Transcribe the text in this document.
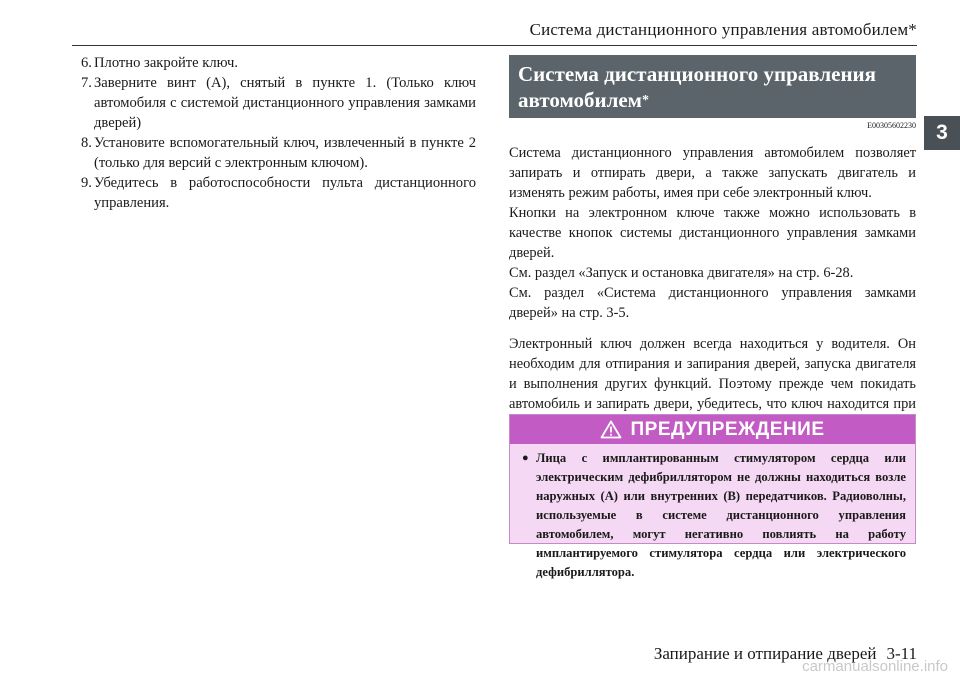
Система дистанционного управления автомобилем*
3
6. Плотно закройте ключ.
7. Заверните винт (A), снятый в пункте 1. (Только ключ автомобиля с системой дистанционного управления замками дверей)
8. Установите вспомогательный ключ, извлеченный в пункте 2 (только для версий с электронным ключом).
9. Убедитесь в работоспособности пульта дистанционного управления.
Система дистанционного управления автомобилем*
E00305602230

Система дистанционного управления автомобилем позволяет запирать и отпирать двери, а также запускать двигатель и изменять режим работы, имея при себе электронный ключ.

Кнопки на электронном ключе также можно использовать в качестве кнопок системы дистанционного управления замками дверей.

См. раздел «Запуск и остановка двигателя» на стр. 6-28.

См. раздел «Система дистанционного управления замками дверей» на стр. 3-5.

Электронный ключ должен всегда находиться у водителя. Он необходим для отпирания и запирания дверей, запуска двигателя и выполнения других функций. Поэтому прежде чем покидать автомобиль и запирать двери, убедитесь, что ключ находится при

ПРЕДУПРЕЖДЕНИЕ
● Лица с имплантированным стимулятором сердца или электрическим дефибриллятором не должны находиться возле наружных (A) или внутренних (B) передатчиков. Радиоволны, используемые в системе дистанционного управления автомобилем, могут негативно повлиять на работу имплантируемого стимулятора сердца или электрического дефибриллятора.
Запирание и отпирание дверей 3-11
carmanualsonline.info
